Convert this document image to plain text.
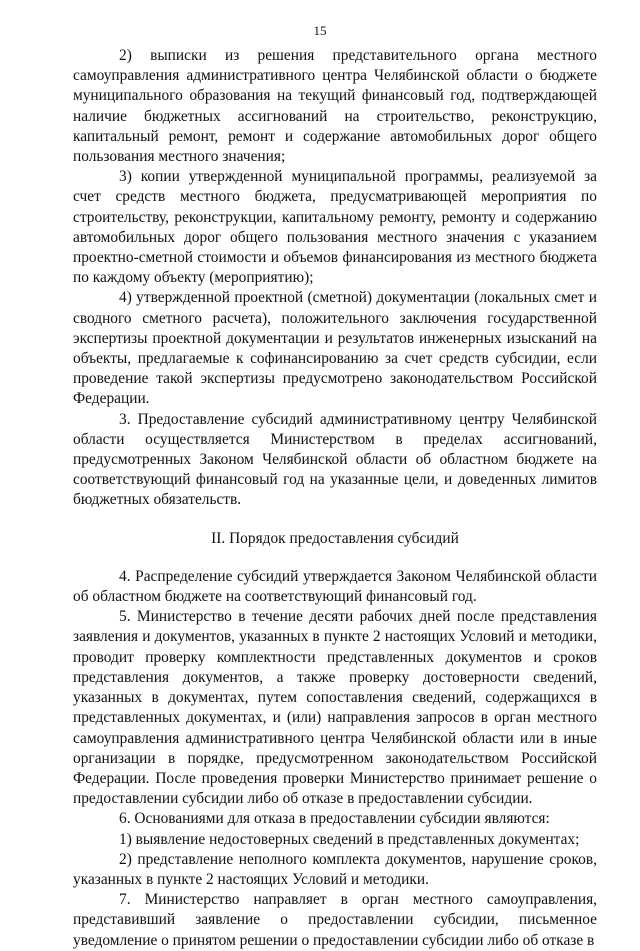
15

2) выписки из решения представительного органа местного самоуправления административного центра Челябинской области о бюджете муниципального образования на текущий финансовый год, подтверждающей наличие бюджетных ассигнований на строительство, реконструкцию, капитальный ремонт, ремонт и содержание автомобильных дорог общего пользования местного значения;

3) копии утвержденной муниципальной программы, реализуемой за счет средств местного бюджета, предусматривающей мероприятия по строительству, реконструкции, капитальному ремонту, ремонту и содержанию автомобильных дорог общего пользования местного значения с указанием проектно-сметной стоимости и объемов финансирования из местного бюджета по каждому объекту (мероприятию);

4) утвержденной проектной (сметной) документации (локальных смет и сводного сметного расчета), положительного заключения государственной экспертизы проектной документации и результатов инженерных изысканий на объекты, предлагаемые к софинансированию за счет средств субсидии, если проведение такой экспертизы предусмотрено законодательством Российской Федерации.

3. Предоставление субсидий административному центру Челябинской области осуществляется Министерством в пределах ассигнований, предусмотренных Законом Челябинской области об областном бюджете на соответствующий финансовый год на указанные цели, и доведенных лимитов бюджетных обязательств.

II. Порядок предоставления субсидий

4. Распределение субсидий утверждается Законом Челябинской области об областном бюджете на соответствующий финансовый год.

5. Министерство в течение десяти рабочих дней после представления заявления и документов, указанных в пункте 2 настоящих Условий и методики, проводит проверку комплектности представленных документов и сроков представления документов, а также проверку достоверности сведений, указанных в документах, путем сопоставления сведений, содержащихся в представленных документах, и (или) направления запросов в орган местного самоуправления административного центра Челябинской области или в иные организации в порядке, предусмотренном законодательством Российской Федерации. После проведения проверки Министерство принимает решение о предоставлении субсидии либо об отказе в предоставлении субсидии.

6. Основаниями для отказа в предоставлении субсидии являются:

1) выявление недостоверных сведений в представленных документах;

2) представление неполного комплекта документов, нарушение сроков, указанных в пункте 2 настоящих Условий и методики.

7. Министерство направляет в орган местного самоуправления, представивший заявление о предоставлении субсидии, письменное уведомление о принятом решении о предоставлении субсидии либо об отказе в
